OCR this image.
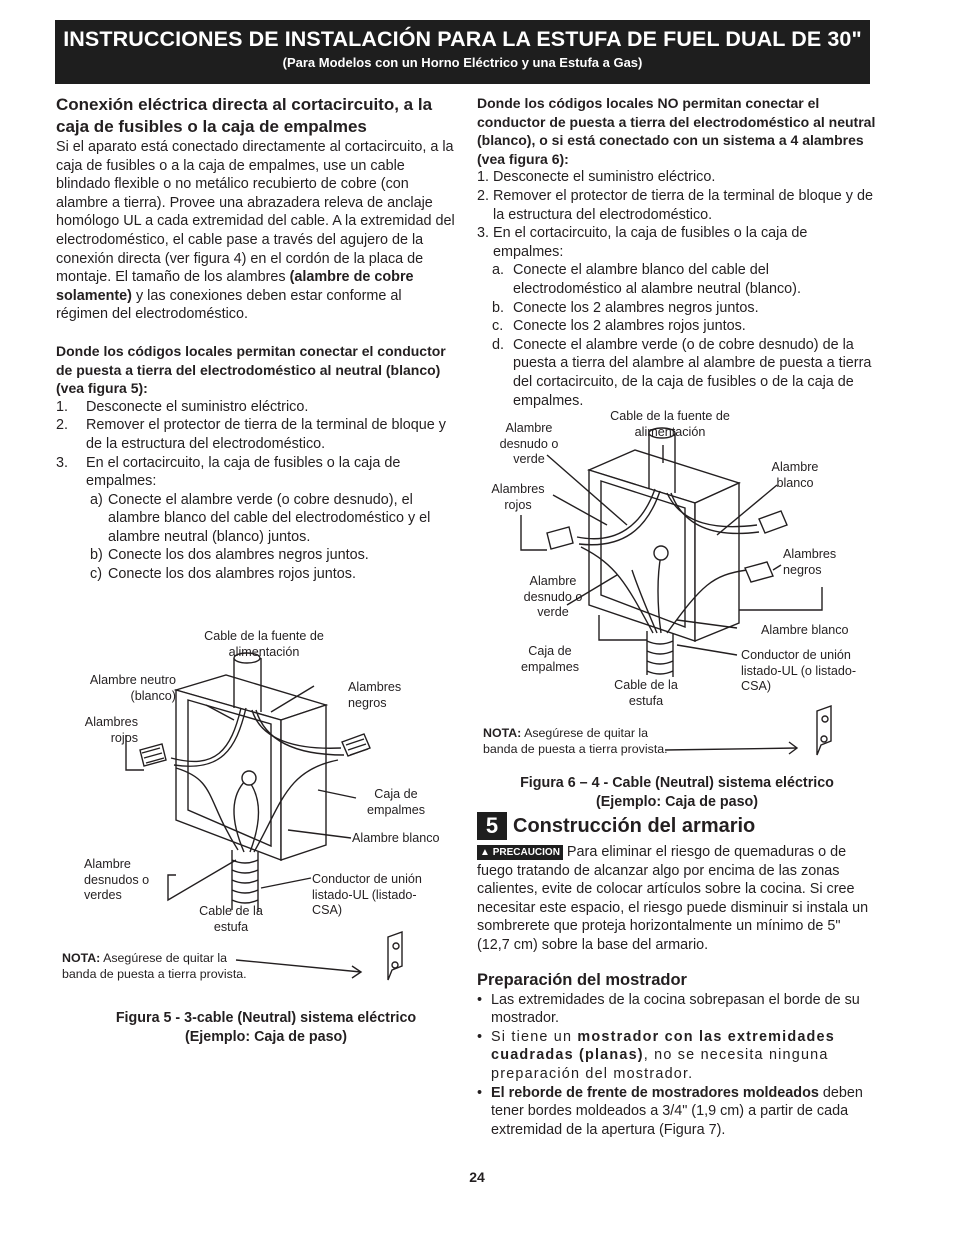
INSTRUCCIONES DE INSTALACIÓN PARA LA ESTUFA DE FUEL DUAL DE 30"
(Para Modelos con un Horno Eléctrico y una Estufa a Gas)
Conexión eléctrica directa al cortacircuito, a la caja de fusibles o la caja de empalmes

Si el aparato está conectado directamente al cortacircuito, a la caja de fusibles o a la caja de empalmes, use un cable blindado flexible o no metálico recubierto de cobre (con alambre a tierra). Provee una abrazadera releva de anclaje homólogo UL a cada extremidad del cable. A la extremidad del electrodoméstico, el cable pase a través del agujero de la conexión directa (ver figura 4) en el cordón de la placa de montaje. El tamaño de los alambres (alambre de cobre solamente) y las conexiones deben estar conforme al régimen del electrodoméstico.

Donde los códigos locales permitan conectar el conductor de puesta a tierra del electrodoméstico al neutral (blanco) (vea figura 5):
1. Desconecte el suministro eléctrico.
2. Remover el protector de tierra de la terminal de bloque y de la estructura del electrodoméstico.
3. En el cortacircuito, la caja de fusibles o la caja de empalmes:
a) Conecte el alambre verde (o cobre desnudo), el alambre blanco del cable del electrodoméstico y el alambre neutral (blanco) juntos.
b) Conecte los dos alambres negros juntos.
c) Conecte los dos alambres rojos juntos.
Cable de la fuente de alimentación
Alambre neutro (blanco)
Alambres rojos
Alambres negros
Caja de empalmes
Alambre blanco
Alambre desnudos o verdes
Conductor de unión listado-UL (listado-CSA)
Cable de la estufa
NOTA: Asegúrese de quitar la banda de puesta a tierra provista.
Figura 5 - 3-cable (Neutral) sistema eléctrico
(Ejemplo: Caja de paso)
Donde los códigos locales NO permitan conectar el conductor de puesta a tierra del electrodoméstico al neutral (blanco), o si está conectado con un sistema a 4 alambres (vea figura 6):
1. Desconecte el suministro eléctrico.
2. Remover el protector de tierra de la terminal de bloque y de la estructura del electrodoméstico.
3. En el cortacircuito, la caja de fusibles o la caja de empalmes:
a. Conecte el alambre blanco del cable del electrodoméstico al alambre neutral (blanco).
b. Conecte los 2 alambres negros juntos.
c. Conecte los 2 alambres rojos juntos.
d. Conecte el alambre verde (o de cobre desnudo) de la puesta a tierra del alambre al alambre de puesta a tierra del cortacircuito, de la caja de fusibles o de la caja de empalmes.
Alambre desnudo o verde
Cable de la fuente de alimentación
Alambre blanco
Alambres rojos
Alambres negros
Alambre desnudo o verde
Alambre blanco
Caja de empalmes
Conductor de unión listado-UL (o listado-CSA)
Cable de la estufa
NOTA: Asegúrese de quitar la banda de puesta a tierra provista.
Figura 6 – 4 - Cable (Neutral) sistema eléctrico
(Ejemplo: Caja de paso)
5 Construcción del armario

▲ PRECAUCION Para eliminar el riesgo de quemaduras o de fuego tratando de alcanzar algo por encima de las zonas calientes, evite de colocar artículos sobre la cocina. Si cree necesitar este espacio, el riesgo puede disminuir si instala un sombrerete que proteja horizontalmente un mínimo de 5" (12,7 cm) sobre la base del armario.

Preparación del mostrador
• Las extremidades de la cocina sobrepasan el borde de su mostrador.
• Si tiene un mostrador con las extremidades cuadradas (planas), no se necesita ninguna preparación del mostrador.
• El reborde de frente de mostradores moldeados deben tener bordes moldeados a 3/4" (1,9 cm) a partir de cada extremidad de la apertura (Figura 7).
24
